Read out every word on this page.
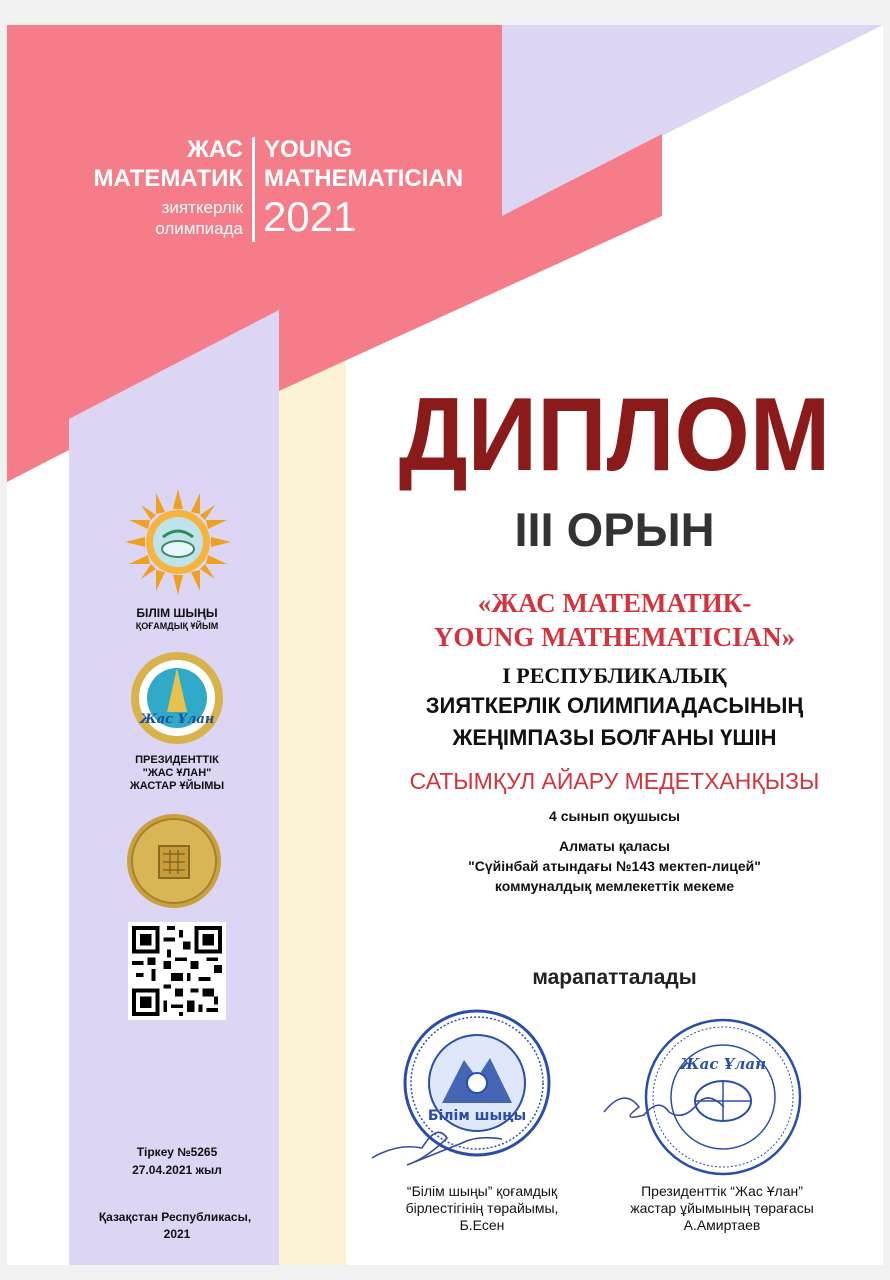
ЖАС
МАТЕМАТИК
зияткерлік
олимпиада
YOUNG
MATHEMATICIAN
2021
ДИПЛОМ
III ОРЫН
«ЖАС МАТЕМАТИК-
YOUNG MATHEMATICIAN»
І РЕСПУБЛИКАЛЫҚ
ЗИЯТКЕРЛІК ОЛИМПИАДАСЫНЫҢ
ЖЕҢІМПАЗЫ БОЛҒАНЫ ҮШІН
САТЫМҚУЛ АЙАРУ МЕДЕТХАНҚЫЗЫ
4 сынып оқушысы
Алматы қаласы
"Сүйінбай атындағы №143 мектеп-лицей"
коммуналдық мемлекеттік мекеме
марапатталады
БІЛІМ ШЫҢЫ
ҚОҒАМДЫҚ ҰЙЫМ
Жас Ұлан
ПРЕЗИДЕНТТІК
"ЖАС ҰЛАН"
ЖАСТАР ҰЙЫМЫ
Тіркеу №5265
27.04.2021 жыл
Қазақстан Республикасы,
2021
Білім шыңы
Жас Ұлан
“Білім шыңы” қоғамдық
бірлестігінің төрайымы,
Б.Есен
Президенттік “Жас Ұлан”
жастар ұйымының төрағасы
А.Амиртаев
